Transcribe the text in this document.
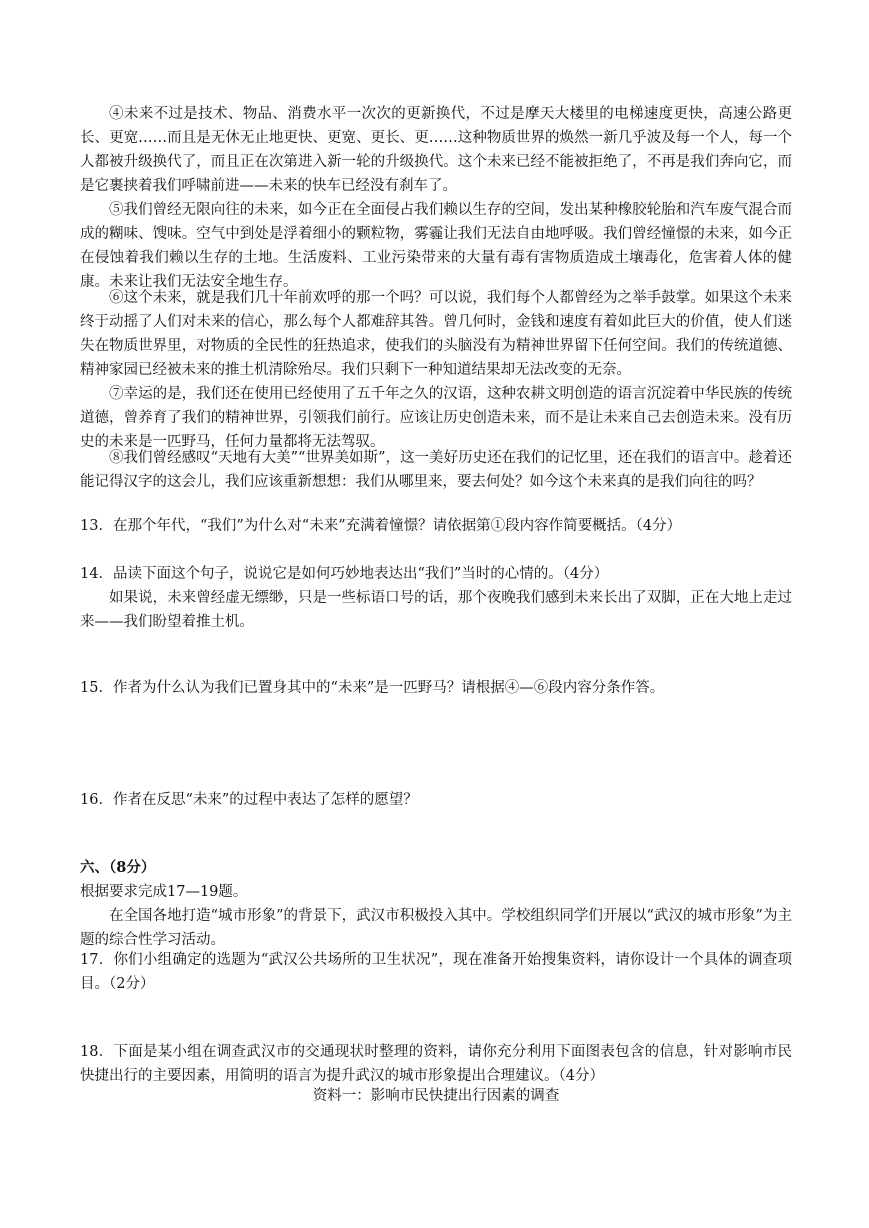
④未来不过是技术、物品、消费水平一次次的更新换代，不过是摩天大楼里的电梯速度更快，高速公路更长、更宽……而且是无休无止地更快、更宽、更长、更……这种物质世界的焕然一新几乎波及每一个人，每一个人都被升级换代了，而且正在次第进入新一轮的升级换代。这个未来已经不能被拒绝了，不再是我们奔向它，而是它裹挟着我们呼啸前进——未来的快车已经没有刹车了。

⑤我们曾经无限向往的未来，如今正在全面侵占我们赖以生存的空间，发出某种橡胶轮胎和汽车废气混合而成的糊味、馊味。空气中到处是浮着细小的颗粒物，雾霾让我们无法自由地呼吸。我们曾经憧憬的未来，如今正在侵蚀着我们赖以生存的土地。生活废料、工业污染带来的大量有毒有害物质造成土壤毒化，危害着人体的健康。未来让我们无法安全地生存。

⑥这个未来，就是我们几十年前欢呼的那一个吗？可以说，我们每个人都曾经为之举手鼓掌。如果这个未来终于动摇了人们对未来的信心，那么每个人都难辞其咎。曾几何时，金钱和速度有着如此巨大的价值，使人们迷失在物质世界里，对物质的全民性的狂热追求，使我们的头脑没有为精神世界留下任何空间。我们的传统道德、精神家园已经被未来的推土机清除殆尽。我们只剩下一种知道结果却无法改变的无奈。

⑦幸运的是，我们还在使用已经使用了五千年之久的汉语，这种农耕文明创造的语言沉淀着中华民族的传统道德，曾养育了我们的精神世界，引领我们前行。应该让历史创造未来，而不是让未来自己去创造未来。没有历史的未来是一匹野马，任何力量都将无法驾驭。

⑧我们曾经感叹“天地有大美”“世界美如斯”，这一美好历史还在我们的记忆里，还在我们的语言中。趁着还能记得汉字的这会儿，我们应该重新想想：我们从哪里来，要去何处？如今这个未来真的是我们向往的吗？

13．在那个年代，“我们”为什么对“未来”充满着憧憬？请依据第①段内容作简要概括。（4分）

14．品读下面这个句子，说说它是如何巧妙地表达出“我们”当时的心情的。（4分）

如果说，未来曾经虚无缥缈，只是一些标语口号的话，那个夜晚我们感到未来长出了双脚，正在大地上走过来——我们盼望着推土机。

15．作者为什么认为我们已置身其中的“未来”是一匹野马？请根据④—⑥段内容分条作答。

16．作者在反思“未来”的过程中表达了怎样的愿望？

六、（8分）

根据要求完成17—19题。

在全国各地打造“城市形象”的背景下，武汉市积极投入其中。学校组织同学们开展以“武汉的城市形象”为主题的综合性学习活动。

17．你们小组确定的选题为“武汉公共场所的卫生状况”，现在准备开始搜集资料，请你设计一个具体的调查项目。（2分）

18．下面是某小组在调查武汉市的交通现状时整理的资料，请你充分利用下面图表包含的信息，针对影响市民快捷出行的主要因素，用简明的语言为提升武汉的城市形象提出合理建议。（4分）

资料一：影响市民快捷出行因素的调查
